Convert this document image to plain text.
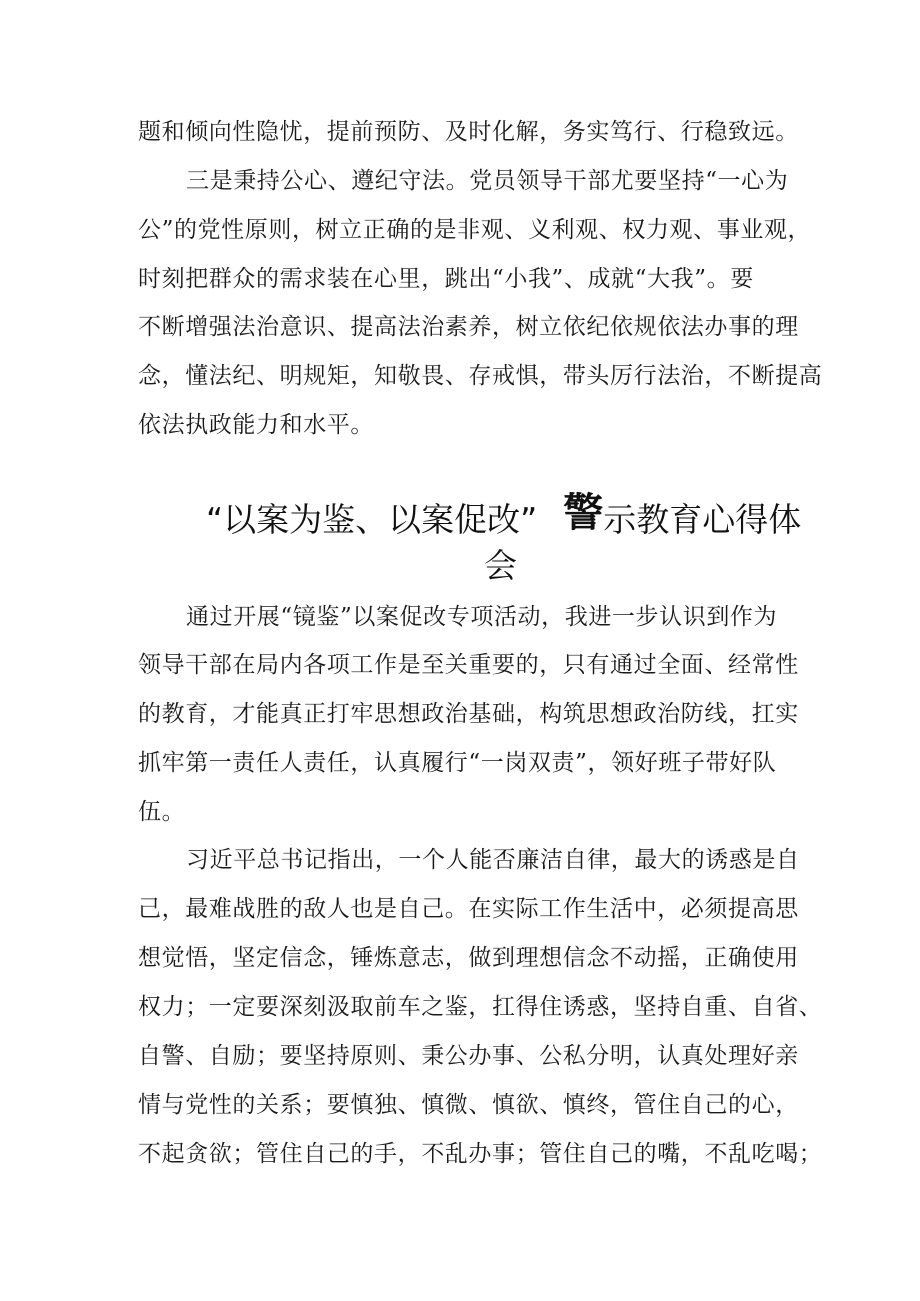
题和倾向性隐忧，提前预防、及时化解，务实笃行、行稳致远。
三是秉持公心、遵纪守法。党员领导干部尤要坚持“一心为
公”的党性原则，树立正确的是非观、义利观、权力观、事业观，
时刻把群众的需求装在心里，跳出“小我”、成就“大我”。要
不断增强法治意识、提高法治素养，树立依纪依规依法办事的理
念，懂法纪、明规矩，知敬畏、存戒惧，带头厉行法治，不断提高
依法执政能力和水平。
“以案为鉴、以案促改” 警示教育心得体
会
通过开展“镜鉴”以案促改专项活动，我进一步认识到作为
领导干部在局内各项工作是至关重要的，只有通过全面、经常性
的教育，才能真正打牢思想政治基础，构筑思想政治防线，扛实
抓牢第一责任人责任，认真履行“一岗双责”，领好班子带好队
伍。
习近平总书记指出，一个人能否廉洁自律，最大的诱惑是自
己，最难战胜的敌人也是自己。在实际工作生活中，必须提高思
想觉悟，坚定信念，锤炼意志，做到理想信念不动摇，正确使用
权力；一定要深刻汲取前车之鉴，扛得住诱惑，坚持自重、自省、
自警、自励；要坚持原则、秉公办事、公私分明，认真处理好亲
情与党性的关系；要慎独、慎微、慎欲、慎终，管住自己的心，
不起贪欲；管住自己的手，不乱办事；管住自己的嘴，不乱吃喝；
